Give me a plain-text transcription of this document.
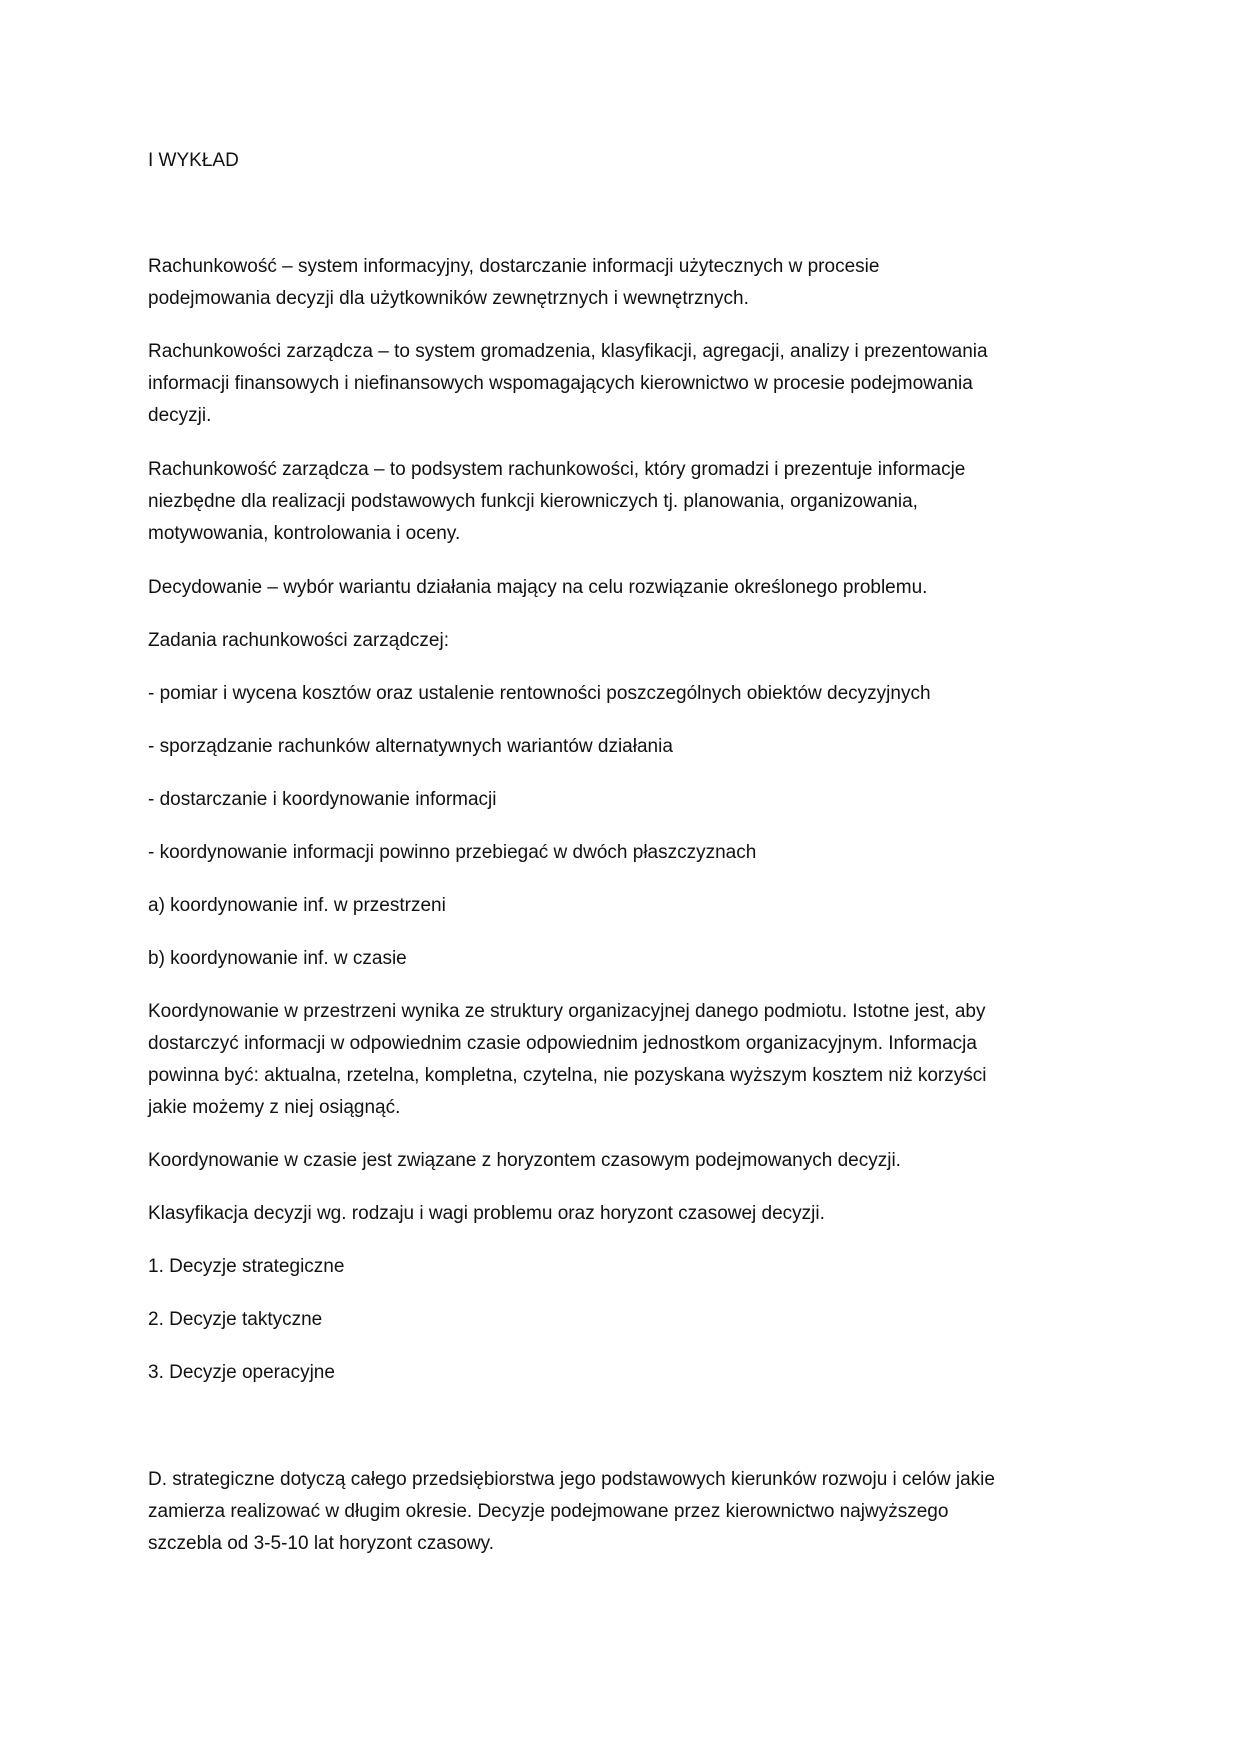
I WYKŁAD
Rachunkowość – system informacyjny, dostarczanie informacji użytecznych w procesie
podejmowania decyzji dla użytkowników zewnętrznych i wewnętrznych.
Rachunkowości zarządcza – to system gromadzenia, klasyfikacji, agregacji, analizy i prezentowania
informacji finansowych i niefinansowych wspomagających kierownictwo w procesie podejmowania
decyzji.
Rachunkowość zarządcza – to podsystem rachunkowości, który gromadzi i prezentuje informacje
niezbędne dla realizacji podstawowych funkcji kierowniczych tj. planowania, organizowania,
motywowania, kontrolowania i oceny.
Decydowanie – wybór wariantu działania mający na celu rozwiązanie określonego problemu.
Zadania rachunkowości zarządczej:
- pomiar i wycena kosztów oraz ustalenie rentowności poszczególnych obiektów decyzyjnych
- sporządzanie rachunków alternatywnych wariantów działania
- dostarczanie i koordynowanie informacji
- koordynowanie informacji powinno przebiegać w dwóch płaszczyznach
a) koordynowanie inf. w przestrzeni
b) koordynowanie inf. w czasie
Koordynowanie w przestrzeni wynika ze struktury organizacyjnej danego podmiotu. Istotne jest, aby
dostarczyć informacji w odpowiednim czasie odpowiednim jednostkom organizacyjnym. Informacja
powinna być: aktualna, rzetelna, kompletna, czytelna, nie pozyskana wyższym kosztem niż korzyści
jakie możemy z niej osiągnąć.
Koordynowanie w czasie jest związane z horyzontem czasowym podejmowanych decyzji.
Klasyfikacja decyzji wg. rodzaju i wagi problemu oraz horyzont czasowej decyzji.
1. Decyzje strategiczne
2. Decyzje taktyczne
3. Decyzje operacyjne
D. strategiczne dotyczą całego przedsiębiorstwa jego podstawowych kierunków rozwoju i celów jakie
zamierza realizować w długim okresie. Decyzje podejmowane przez kierownictwo najwyższego
szczebla od 3-5-10 lat horyzont czasowy.
